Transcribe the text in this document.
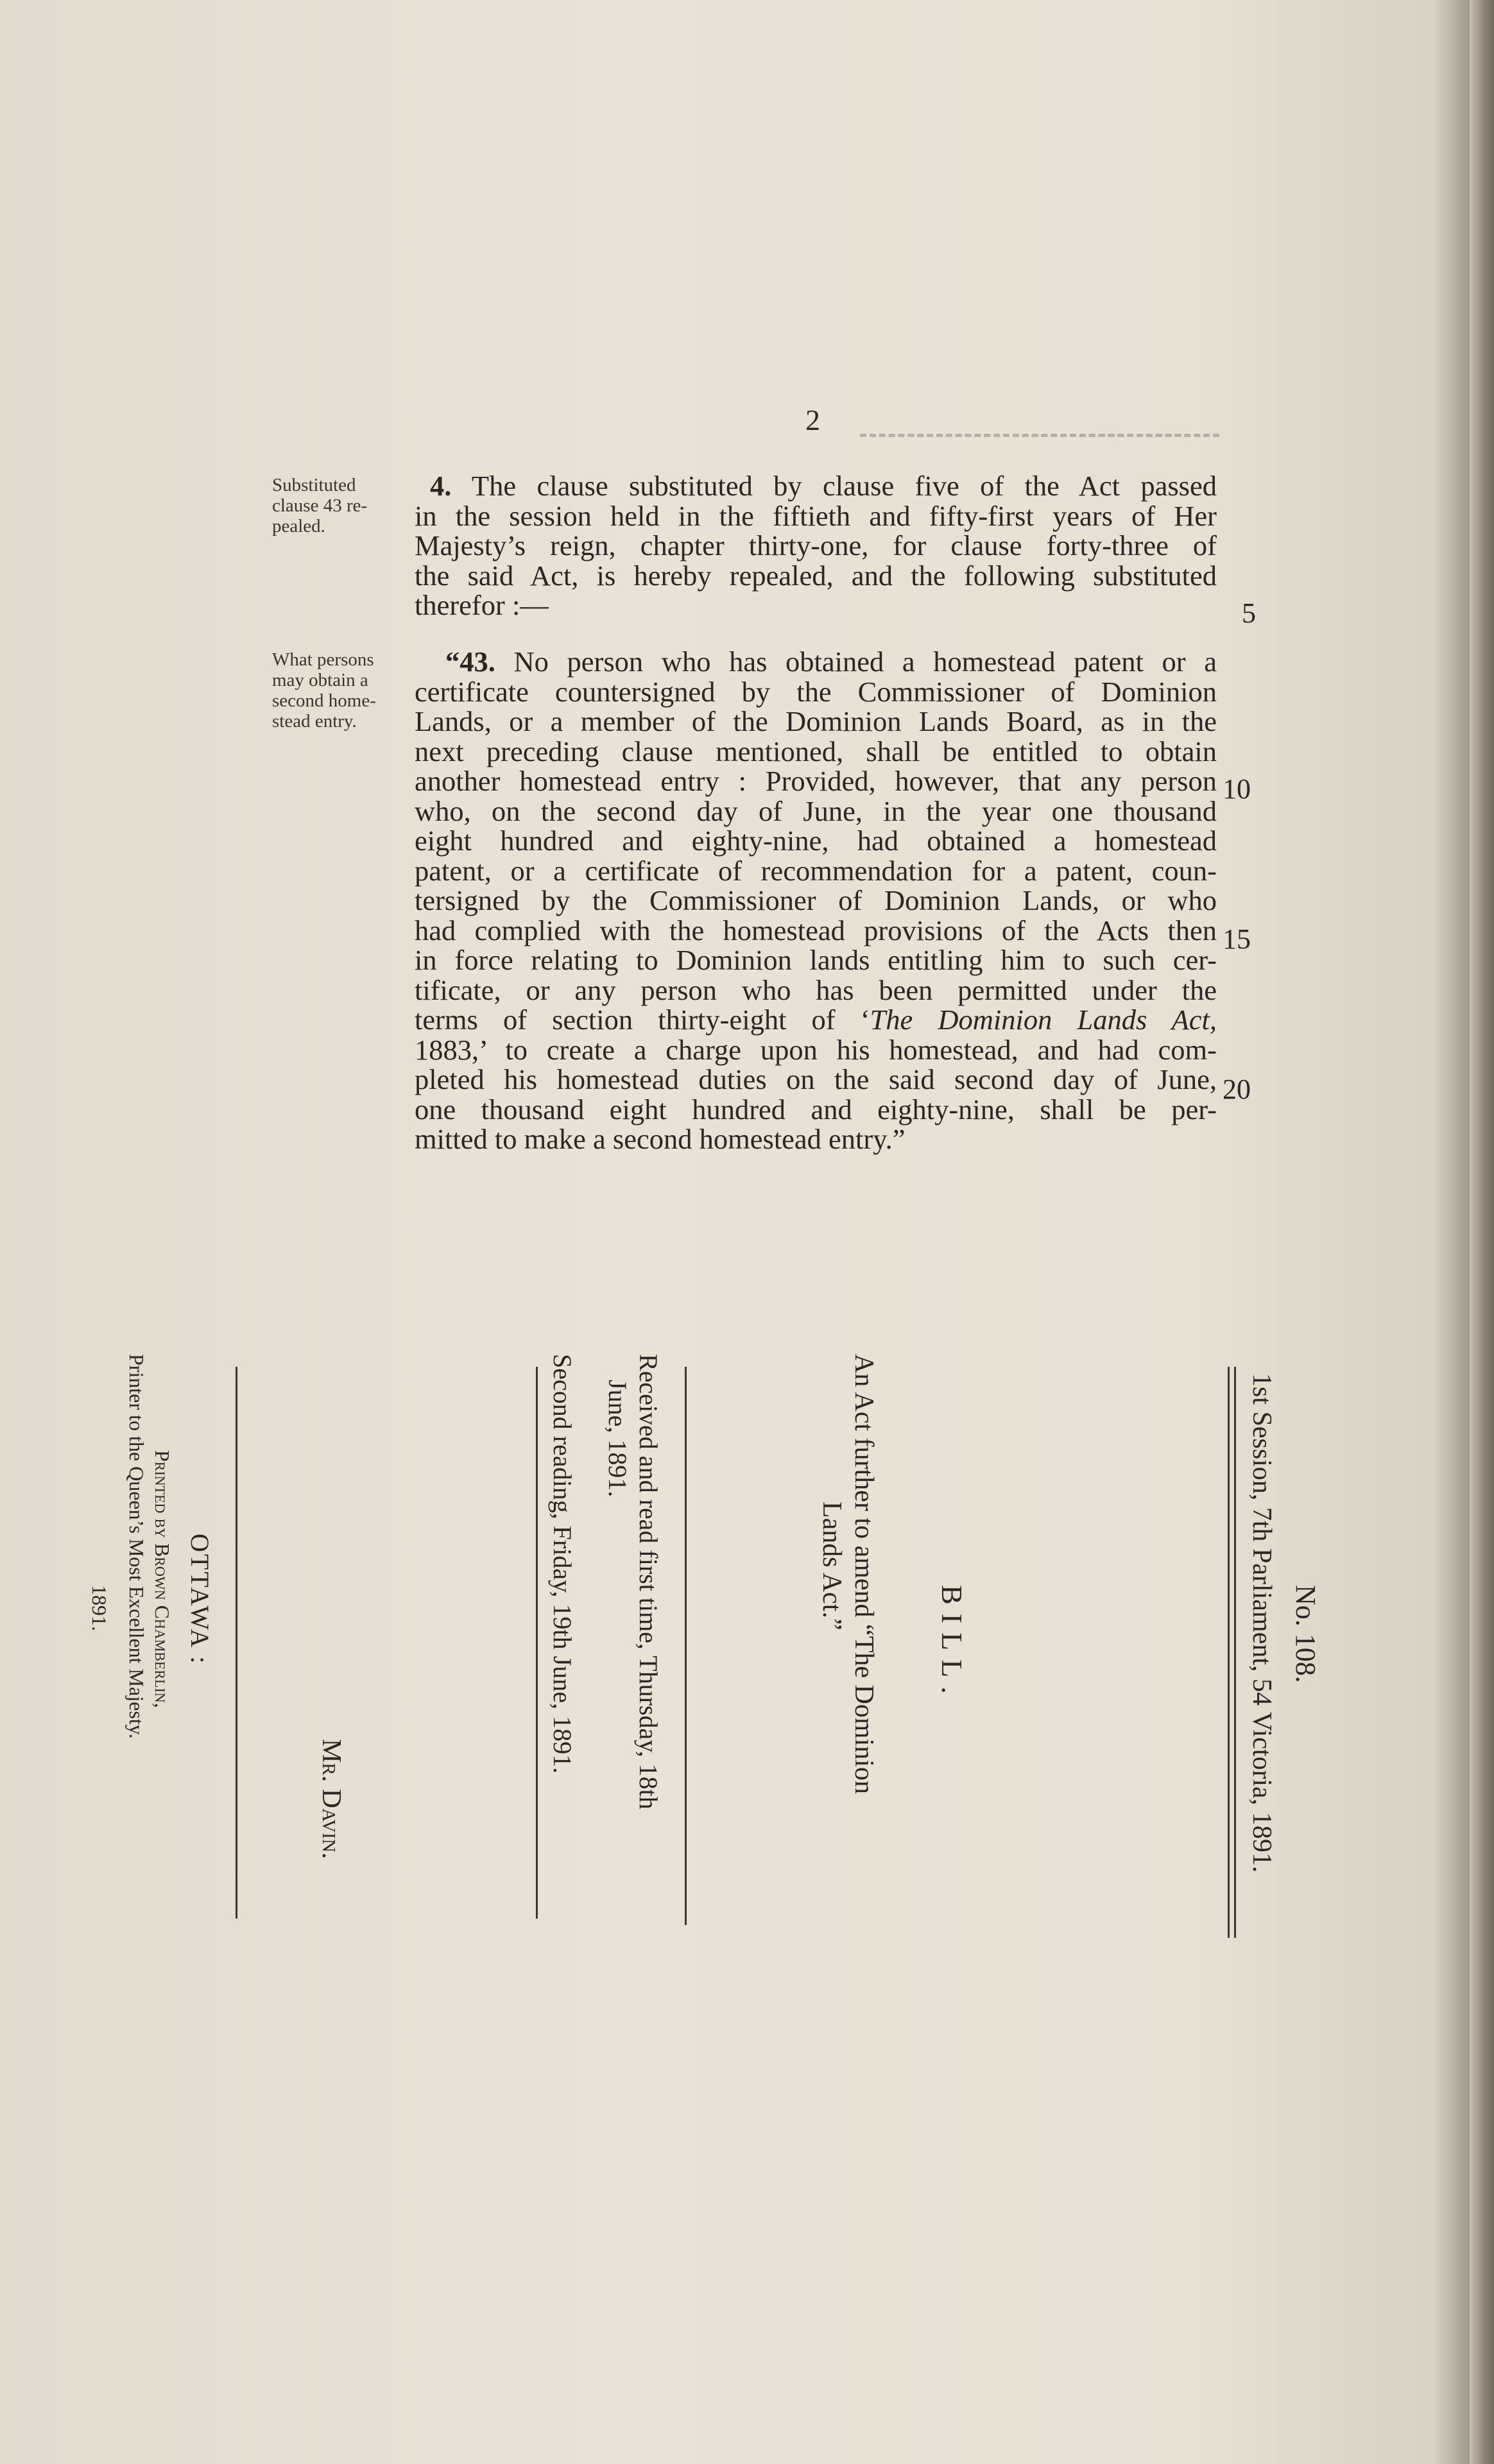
2
Substituted
clause 43 re-
pealed.
What persons
may obtain a
second home-
stead entry.
4. The clause substituted by clause five of the Act passed
in the session held in the fiftieth and fifty-first years of Her
Majesty’s reign, chapter thirty-one, for clause forty-three of
the said Act, is hereby repealed, and the following substituted
therefor :—
“43. No person who has obtained a homestead patent or a
certificate countersigned by the Commissioner of Dominion
Lands, or a member of the Dominion Lands Board, as in the
next preceding clause mentioned, shall be entitled to obtain
another homestead entry : Provided, however, that any person
who, on the second day of June, in the year one thousand
eight hundred and eighty-nine, had obtained a homestead
patent, or a certificate of recommendation for a patent, coun-
tersigned by the Commissioner of Dominion Lands, or who
had complied with the homestead provisions of the Acts then
in force relating to Dominion lands entitling him to such cer-
tificate, or any person who has been permitted under the
terms of section thirty-eight of ‘The Dominion Lands Act,
1883,’ to create a charge upon his homestead, and had com-
pleted his homestead duties on the said second day of June,
one thousand eight hundred and eighty-nine, shall be per-
mitted to make a second homestead entry.”
5
10
15
20
No. 108.
1st Session, 7th Parliament, 54 Victoria, 1891.
BILL.
An Act further to amend “The Dominion
Lands Act.”
Received and read first time, Thursday, 18th
June, 1891.
Second reading, Friday, 19th June, 1891.
Mr. Davin.
OTTAWA :
Printed by Brown Chamberlin,
Printer to the Queen’s Most Excellent Majesty.
1891.
